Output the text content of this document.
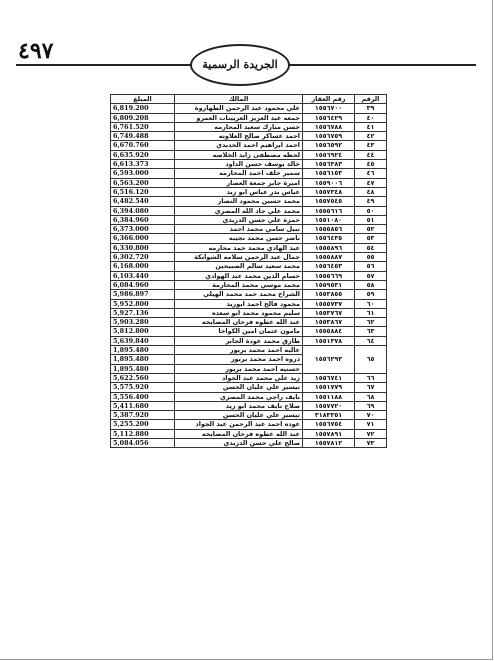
٤٩٧
الجريدة الرسمية
المبلغ	المالك	رقم العقار	الرقم
6,819.200	علي محمود عبد الرحمن الطهاروة	١٥٥٦٧٠٠	٣٩
6,809.208	جمعه عبد العزيز العريينات العمرو	١٥٥٦٤٢٩	٤٠
6,761.520	حسن مبارك سعيد المحارمه	١٥٥٦٧٨٨	٤١
6,749.488	احمد عساكر صالح العلاونه	١٥٥٦٧٥٩	٤٢
6,670.760	احمد ابراهيم احمد الحديدي	١٥٥٦٥٩٢	٤٣
6,635.920	لحظه مصطفى زايد الخلاصه	١٥٥٦٩٢٤	٤٤
6,613.373	خالد يوسف حسن الداود	١٥٥٦٣٨٣	٤٥
6,593.000	سمير خلف احمد المحارمه	١٥٥٦١٥٣	٤٦
6,563.200	اميرة جابر جمعة العصار	١٥٥٩٠٠٦	٤٧
6,516.120	عباس بدر عباس ابو زيد	١٥٥٧٣٤٨	٤٨
6,482.540	محمد حسين محمود النصار	١٥٥٧٥٤٥	٤٩
6,394.080	محمد علي جاد الله المصري	١٥٥٥٦١٦	٥٠
6,384.960	حمزة علي حسن الدريدي	١٥٥١٠٨٠	٥١
6,373.000	نبيل سامي محمد احمد	١٥٥٥٨٥٦	٥٢
6,366.000	ناصر حسن محمد نجيبه	١٥٥٦٤٣٥	٥٣
6,330.800	عبد الهادي محمد حمد محارمه	١٥٥٥٨٩٦	٥٤
6,302.720	جمال عبد الرحمن سلامه الشوابكة	١٥٥٥٨٨٧	٥٥
6,168.000	محمد سعيد سالم الصبيحين	١٥٥٦٤٥٣	٥٦
6,103.440	حسام الدين محمد عبد الهوادي	١٥٥٥٦٦٩	٥٧
6,084.960	محمد موسي محمد المحارمة	١٥٥٩٥٣١	٥٨
5,986.897	الشراح محمد حمد محمد الهيلي	١٥٥٣٨٥٥	٥٩
5,952.800	محمود فالح احمد ابوزيد	١٥٥٥٧٣٧	٦٠
5,927.136	سليم محمود محمد ابو سعده	١٥٥٣٧٦٧	٦١
5,903.280	عبد الله عطوه فرحان المصايحه	١٥٥٣٨٦٧	٦٢
5,812.800	مامون عثمان امين الكواخا	١٥٥٥٨٨٤	٦٣
5,639.840	طارق محمد عودة الجابر	١٥٥١٣٧٨	٦٤
1,895.480	عاليه احمد محمد بربور	١٥٥٦٢٩٣	٦٥
1,895.480	ذروه احمد محمد بربور		
1,895.480	حسنيه احمد محمد بربور		
5,622.560	زيد علي محمد عبد الجواد	١٥٥٦٧٤١	٦٦
5,575.920	تيسير علي عليان الحسن	١٥٥١٧٧٩	٦٧
5,556.400	نايف راجي محمد المصري	١٥٥١١٨٨	٦٨
5,411.680	صلاح نايف محمد ابو زيد	١٥٥٧٧٢٠	٦٩
5,387.920	تيسير علي عليان الحسن	٣١٨٣٣٥١	٧٠
5,255.200	عوده احمد عبد الرحمن عبد الجواد	١٥٥٦٧٥٤	٧١
5,112.880	عبد الله عطوه فرحان المصايحه	١٥٥٧٨٩١	٧٢
5,084.056	صالح علي حسن الدريدي	١٥٥٧٨١٢	٧٣
